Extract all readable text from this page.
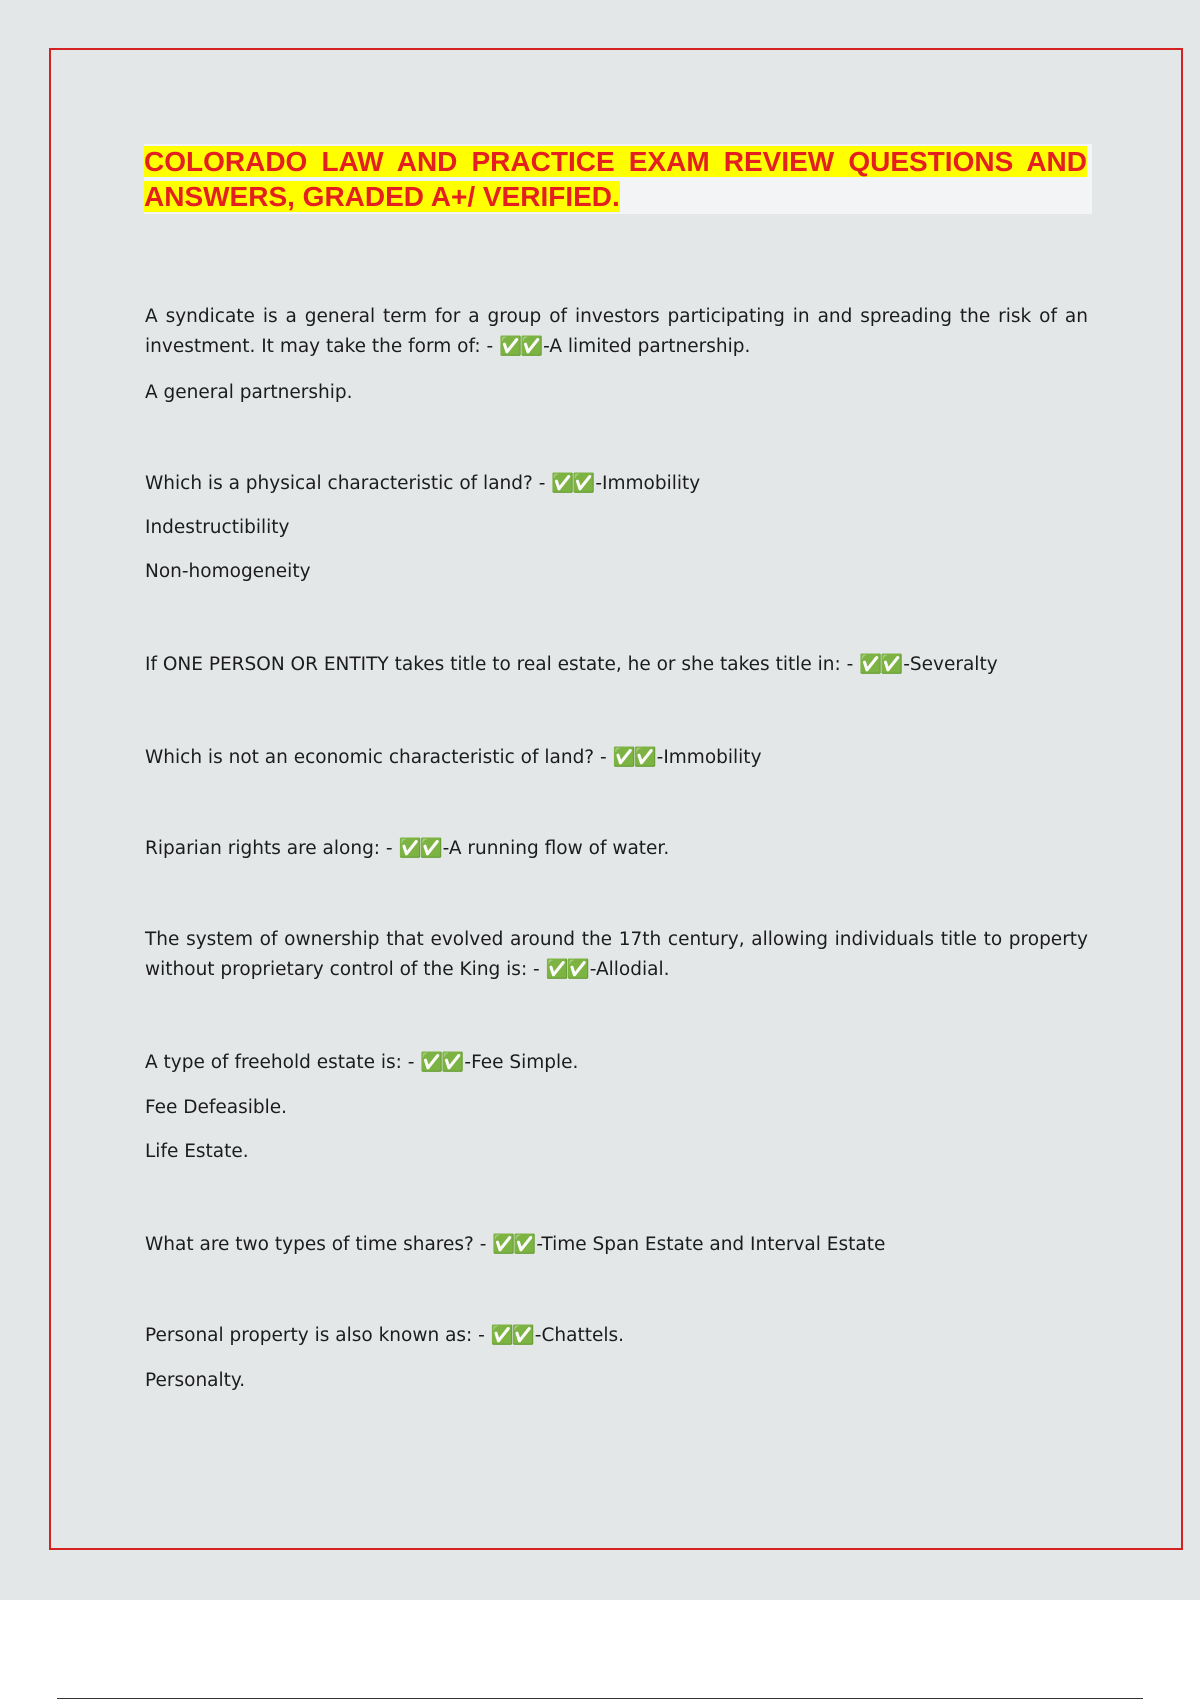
COLORADO LAW AND PRACTICE EXAM REVIEW QUESTIONS AND ANSWERS, GRADED A+/ VERIFIED.

A syndicate is a general term for a group of investors participating in and spreading the risk of an investment. It may take the form of: - ✅✅ -A limited partnership.

A general partnership.

Which is a physical characteristic of land? - ✅✅ -Immobility

Indestructibility

Non-homogeneity

If ONE PERSON OR ENTITY takes title to real estate, he or she takes title in: - ✅✅ -Severalty

Which is not an economic characteristic of land? - ✅✅ -Immobility

Riparian rights are along: - ✅✅ -A running flow of water.

The system of ownership that evolved around the 17th century, allowing individuals title to property without proprietary control of the King is: - ✅✅ -Allodial.

A type of freehold estate is: - ✅✅ -Fee Simple.

Fee Defeasible.

Life Estate.

What are two types of time shares? - ✅✅ -Time Span Estate and Interval Estate

Personal property is also known as: - ✅✅ -Chattels.

Personalty.
